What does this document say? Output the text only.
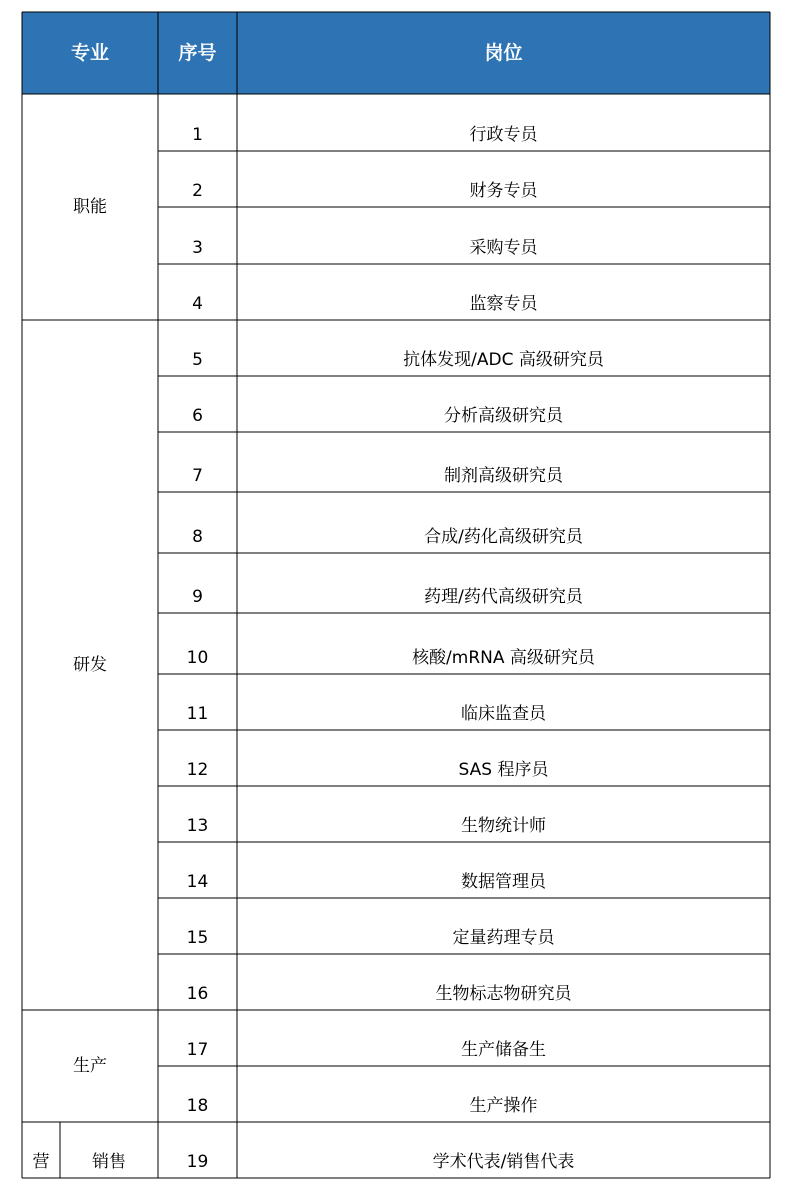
专业	序号	岗位
职能
1	行政专员
2	财务专员
3	采购专员
4	监察专员
研发
5	抗体发现/ADC 高级研究员
6	分析高级研究员
7	制剂高级研究员
8	合成/药化高级研究员
9	药理/药代高级研究员
10	核酸/mRNA 高级研究员
11	临床监查员
12	SAS 程序员
13	生物统计师
14	数据管理员
15	定量药理专员
16	生物标志物研究员
生产
17	生产储备生
18	生产操作
营	销售	19	学术代表/销售代表
